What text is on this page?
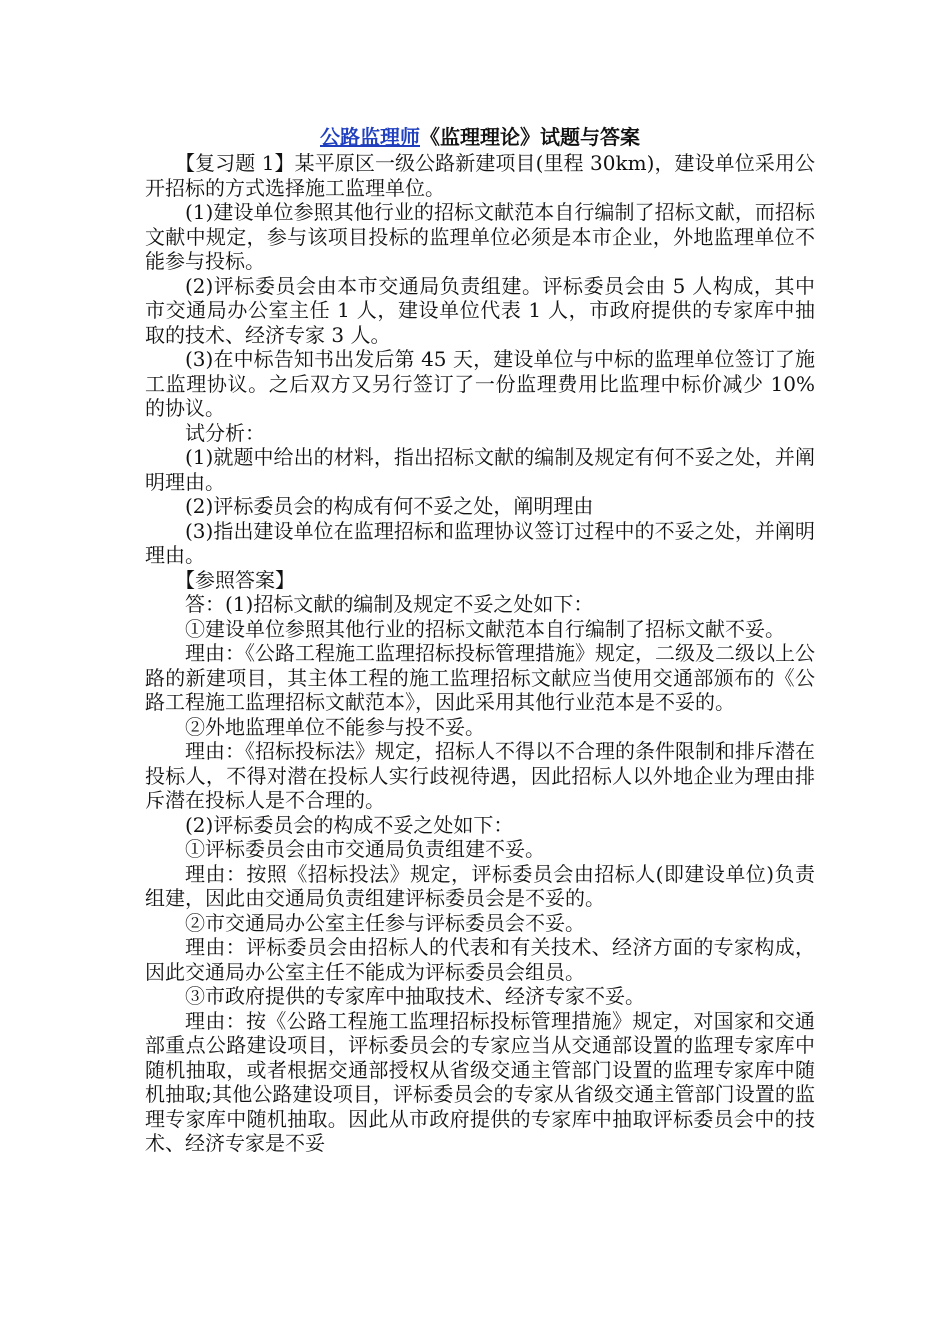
公路监理师《监理理论》试题与答案

【复习题 1】某平原区一级公路新建项目(里程 30km)，建设单位采用公开招标的方式选择施工监理单位。

(1)建设单位参照其他行业的招标文献范本自行编制了招标文献，而招标文献中规定，参与该项目投标的监理单位必须是本市企业，外地监理单位不能参与投标。

(2)评标委员会由本市交通局负责组建。评标委员会由 5 人构成，其中市交通局办公室主任 1 人，建设单位代表 1 人，市政府提供的专家库中抽取的技术、经济专家 3 人。

(3)在中标告知书出发后第 45 天，建设单位与中标的监理单位签订了施工监理协议。之后双方又另行签订了一份监理费用比监理中标价减少 10%的协议。

试分析：

(1)就题中给出的材料，指出招标文献的编制及规定有何不妥之处，并阐明理由。

(2)评标委员会的构成有何不妥之处，阐明理由

(3)指出建设单位在监理招标和监理协议签订过程中的不妥之处，并阐明理由。

【参照答案】

答：(1)招标文献的编制及规定不妥之处如下：

①建设单位参照其他行业的招标文献范本自行编制了招标文献不妥。

理由：《公路工程施工监理招标投标管理措施》规定，二级及二级以上公路的新建项目，其主体工程的施工监理招标文献应当使用交通部颁布的《公路工程施工监理招标文献范本》，因此采用其他行业范本是不妥的。

②外地监理单位不能参与投不妥。

理由：《招标投标法》规定，招标人不得以不合理的条件限制和排斥潜在投标人，不得对潜在投标人实行歧视待遇，因此招标人以外地企业为理由排斥潜在投标人是不合理的。

(2)评标委员会的构成不妥之处如下：

①评标委员会由市交通局负责组建不妥。

理由：按照《招标投法》规定，评标委员会由招标人(即建设单位)负责组建，因此由交通局负责组建评标委员会是不妥的。

②市交通局办公室主任参与评标委员会不妥。

理由：评标委员会由招标人的代表和有关技术、经济方面的专家构成，因此交通局办公室主任不能成为评标委员会组员。

③市政府提供的专家库中抽取技术、经济专家不妥。

理由：按《公路工程施工监理招标投标管理措施》规定，对国家和交通部重点公路建设项目，评标委员会的专家应当从交通部设置的监理专家库中随机抽取，或者根据交通部授权从省级交通主管部门设置的监理专家库中随机抽取;其他公路建设项目，评标委员会的专家从省级交通主管部门设置的监理专家库中随机抽取。因此从市政府提供的专家库中抽取评标委员会中的技术、经济专家是不妥
